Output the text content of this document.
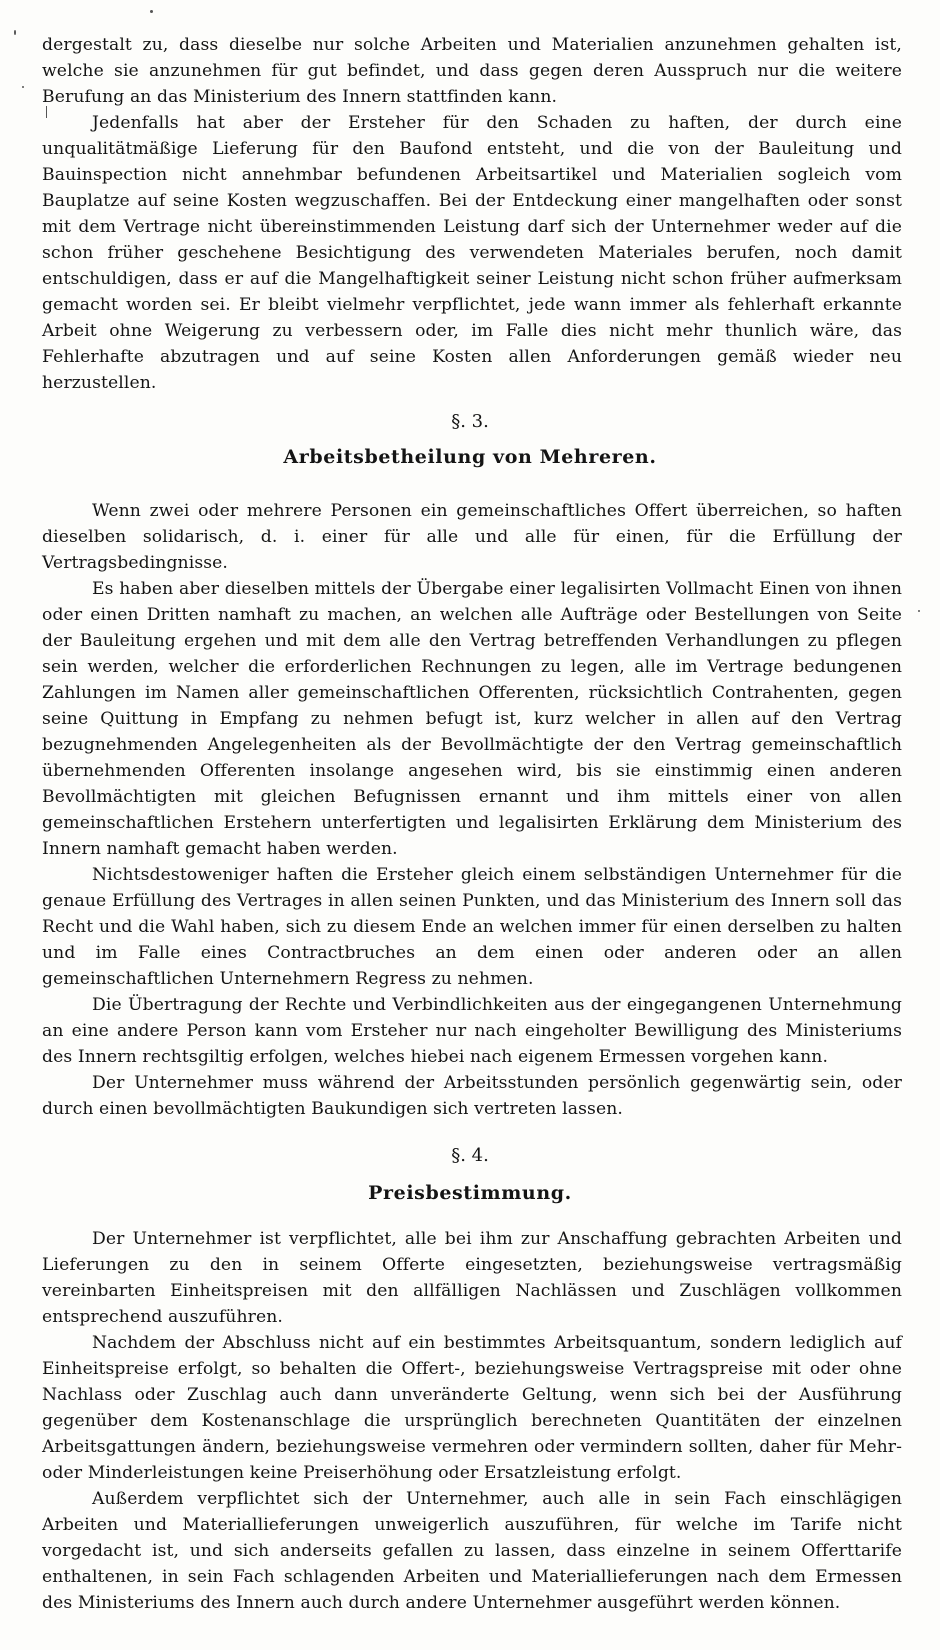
dergestalt zu, dass dieselbe nur solche Arbeiten und Materialien anzunehmen gehalten ist, welche sie anzunehmen für gut befindet, und dass gegen deren Ausspruch nur die weitere Berufung an das Ministerium des Innern stattfinden kann.

Jedenfalls hat aber der Ersteher für den Schaden zu haften, der durch eine unqualitätmäßige Lieferung für den Baufond entsteht, und die von der Bauleitung und Bauinspection nicht annehmbar befundenen Arbeitsartikel und Materialien sogleich vom Bauplatze auf seine Kosten wegzuschaffen. Bei der Entdeckung einer mangelhaften oder sonst mit dem Vertrage nicht übereinstimmenden Leistung darf sich der Unternehmer weder auf die schon früher geschehene Besichtigung des verwendeten Materiales berufen, noch damit entschuldigen, dass er auf die Mangelhaftigkeit seiner Leistung nicht schon früher aufmerksam gemacht worden sei. Er bleibt vielmehr verpflichtet, jede wann immer als fehlerhaft erkannte Arbeit ohne Weigerung zu verbessern oder, im Falle dies nicht mehr thunlich wäre, das Fehlerhafte abzutragen und auf seine Kosten allen Anforderungen gemäß wieder neu herzustellen.

§. 3.
Arbeitsbetheilung von Mehreren.

Wenn zwei oder mehrere Personen ein gemeinschaftliches Offert überreichen, so haften dieselben solidarisch, d. i. einer für alle und alle für einen, für die Erfüllung der Vertragsbedingnisse.

Es haben aber dieselben mittels der Übergabe einer legalisirten Vollmacht Einen von ihnen oder einen Dritten namhaft zu machen, an welchen alle Aufträge oder Bestellungen von Seite der Bauleitung ergehen und mit dem alle den Vertrag betreffenden Verhandlungen zu pflegen sein werden, welcher die erforderlichen Rechnungen zu legen, alle im Vertrage bedungenen Zahlungen im Namen aller gemeinschaftlichen Offerenten, rücksichtlich Contrahenten, gegen seine Quittung in Empfang zu nehmen befugt ist, kurz welcher in allen auf den Vertrag bezugnehmenden Angelegenheiten als der Bevollmächtigte der den Vertrag gemeinschaftlich übernehmenden Offerenten insolange angesehen wird, bis sie einstimmig einen anderen Bevollmächtigten mit gleichen Befugnissen ernannt und ihm mittels einer von allen gemeinschaftlichen Erstehern unterfertigten und legalisirten Erklärung dem Ministerium des Innern namhaft gemacht haben werden.

Nichtsdestoweniger haften die Ersteher gleich einem selbständigen Unternehmer für die genaue Erfüllung des Vertrages in allen seinen Punkten, und das Ministerium des Innern soll das Recht und die Wahl haben, sich zu diesem Ende an welchen immer für einen derselben zu halten und im Falle eines Contractbruches an dem einen oder anderen oder an allen gemeinschaftlichen Unternehmern Regress zu nehmen.

Die Übertragung der Rechte und Verbindlichkeiten aus der eingegangenen Unternehmung an eine andere Person kann vom Ersteher nur nach eingeholter Bewilligung des Ministeriums des Innern rechtsgiltig erfolgen, welches hiebei nach eigenem Ermessen vorgehen kann.

Der Unternehmer muss während der Arbeitsstunden persönlich gegenwärtig sein, oder durch einen bevollmächtigten Baukundigen sich vertreten lassen.

§. 4.
Preisbestimmung.

Der Unternehmer ist verpflichtet, alle bei ihm zur Anschaffung gebrachten Arbeiten und Lieferungen zu den in seinem Offerte eingesetzten, beziehungsweise vertragsmäßig vereinbarten Einheitspreisen mit den allfälligen Nachlässen und Zuschlägen vollkommen entsprechend auszuführen.

Nachdem der Abschluss nicht auf ein bestimmtes Arbeitsquantum, sondern lediglich auf Einheitspreise erfolgt, so behalten die Offert-, beziehungsweise Vertragspreise mit oder ohne Nachlass oder Zuschlag auch dann unveränderte Geltung, wenn sich bei der Ausführung gegenüber dem Kostenanschlage die ursprünglich berechneten Quantitäten der einzelnen Arbeitsgattungen ändern, beziehungsweise vermehren oder vermindern sollten, daher für Mehr- oder Minderleistungen keine Preiserhöhung oder Ersatzleistung erfolgt.

Außerdem verpflichtet sich der Unternehmer, auch alle in sein Fach einschlägigen Arbeiten und Materiallieferungen unweigerlich auszuführen, für welche im Tarife nicht vorgedacht ist, und sich anderseits gefallen zu lassen, dass einzelne in seinem Offerttarife enthaltenen, in sein Fach schlagenden Arbeiten und Materiallieferungen nach dem Ermessen des Ministeriums des Innern auch durch andere Unternehmer ausgeführt werden können.
